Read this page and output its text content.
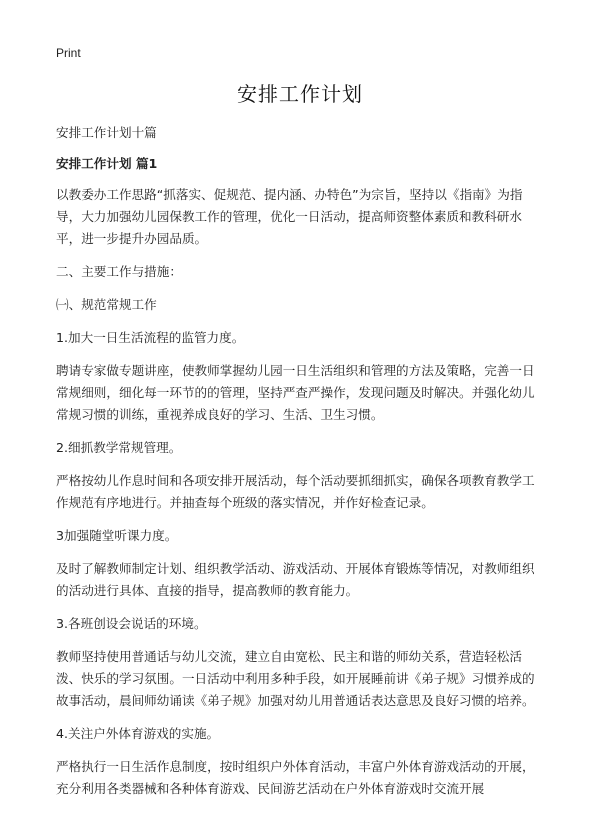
Print
安排工作计划

安排工作计划十篇

安排工作计划 篇1

以教委办工作思路“抓落实、促规范、提内涵、办特色”为宗旨，坚持以《指南》为指导，大力加强幼儿园保教工作的管理，优化一日活动，提高师资整体素质和教科研水平，进一步提升办园品质。

二、主要工作与措施：

㈠、规范常规工作

1.加大一日生活流程的监管力度。

聘请专家做专题讲座，使教师掌握幼儿园一日生活组织和管理的方法及策略，完善一日常规细则，细化每一环节的的管理，坚持严查严操作，发现问题及时解决。并强化幼儿常规习惯的训练，重视养成良好的学习、生活、卫生习惯。

2.细抓教学常规管理。

严格按幼儿作息时间和各项安排开展活动，每个活动要抓细抓实，确保各项教育教学工作规范有序地进行。并抽查每个班级的落实情况，并作好检查记录。

3加强随堂听课力度。

及时了解教师制定计划、组织教学活动、游戏活动、开展体育锻炼等情况，对教师组织的活动进行具体、直接的指导，提高教师的教育能力。

3.各班创设会说话的环境。

教师坚持使用普通话与幼儿交流，建立自由宽松、民主和谐的师幼关系，营造轻松活泼、快乐的学习氛围。一日活动中利用多种手段，如开展睡前讲《弟子规》习惯养成的故事活动，晨间师幼诵读《弟子规》加强对幼儿用普通话表达意思及良好习惯的培养。

4.关注户外体育游戏的实施。

严格执行一日生活作息制度，按时组织户外体育活动，丰富户外体育游戏活动的开展，充分利用各类器械和各种体育游戏、民间游艺活动在户外体育游戏时交流开展
